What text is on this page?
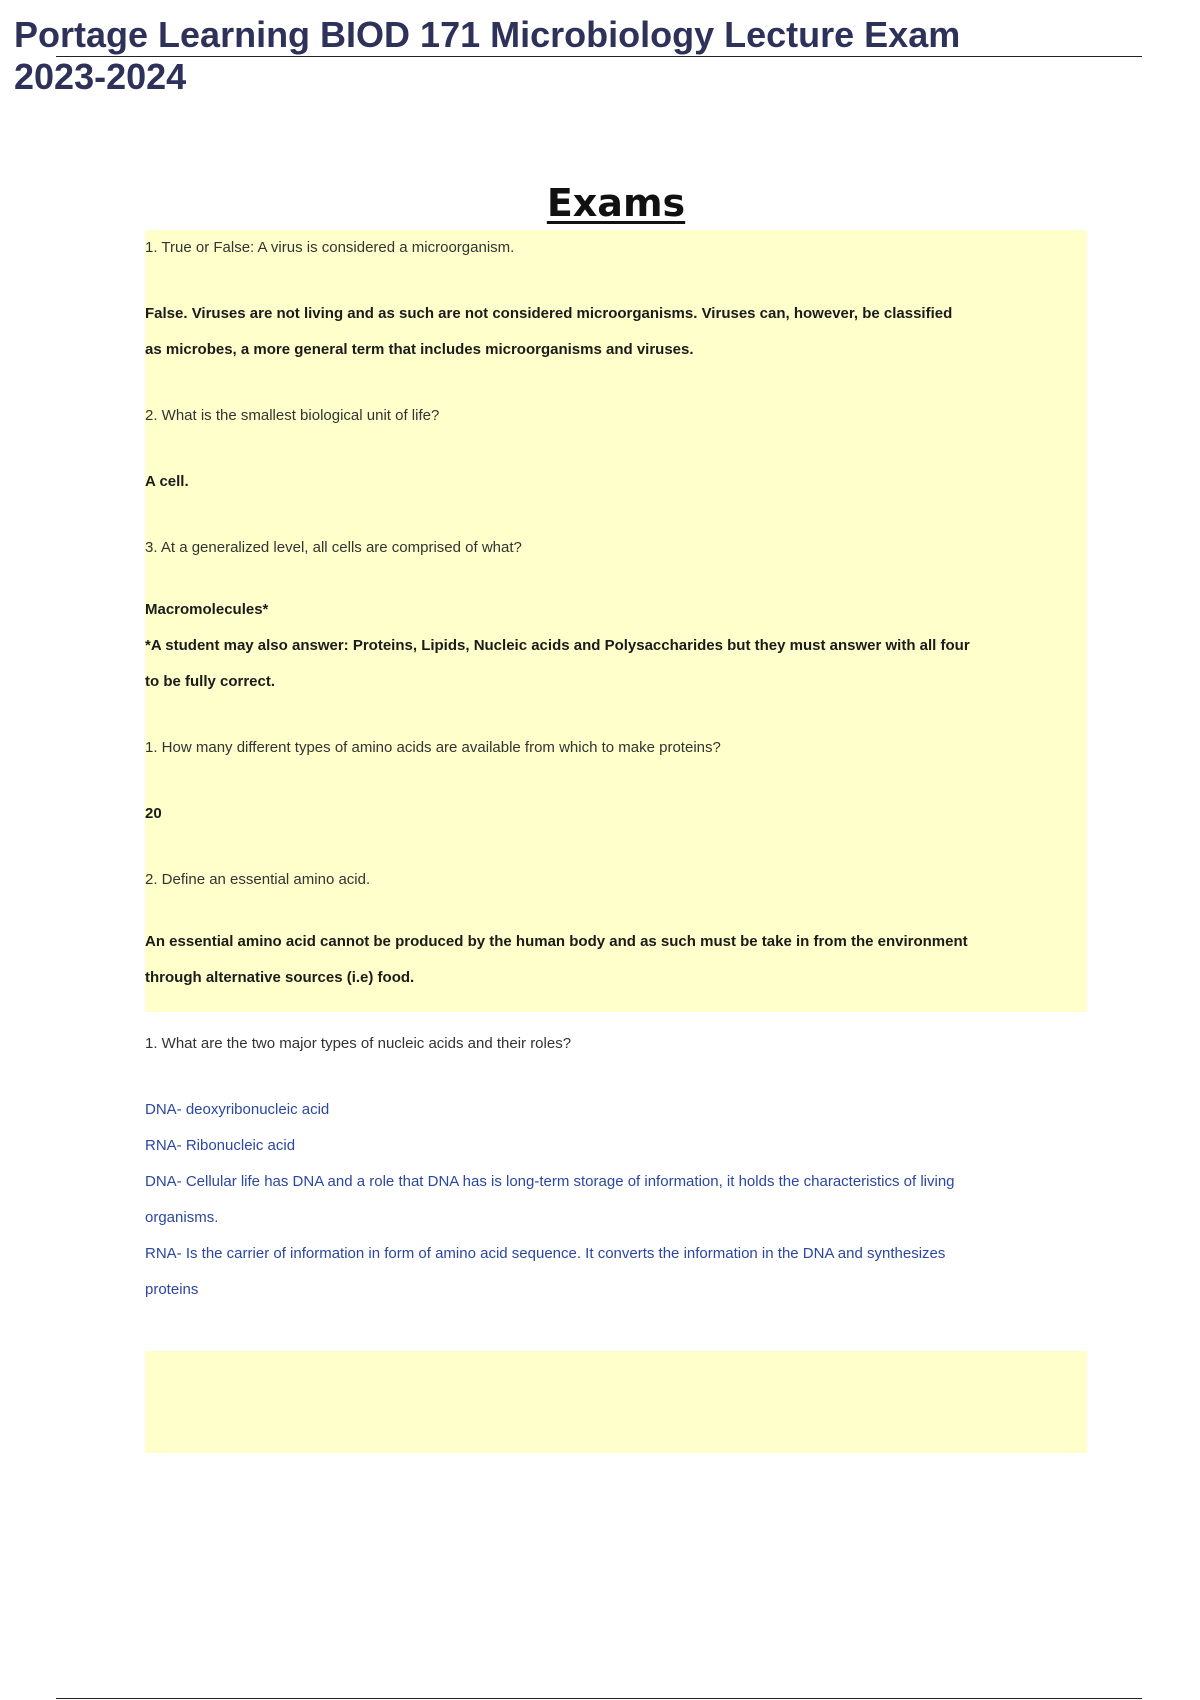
Portage Learning BIOD 171 Microbiology Lecture Exam 2023-2024
Exams

1. True or False: A virus is considered a microorganism.

False. Viruses are not living and as such are not considered microorganisms. Viruses can, however, be classified

as microbes, a more general term that includes microorganisms and viruses.

2. What is the smallest biological unit of life?

A cell.

3. At a generalized level, all cells are comprised of what?

Macromolecules*

*A student may also answer: Proteins, Lipids, Nucleic acids and Polysaccharides but they must answer with all four

to be fully correct.

1. How many different types of amino acids are available from which to make proteins?

20

2. Define an essential amino acid.

An essential amino acid cannot be produced by the human body and as such must be take in from the environment

through alternative sources (i.e) food.

1. What are the two major types of nucleic acids and their roles?

DNA- deoxyribonucleic acid

RNA- Ribonucleic acid

DNA- Cellular life has DNA and a role that DNA has is long-term storage of information, it holds the characteristics of living

organisms.

RNA- Is the carrier of information in form of amino acid sequence. It converts the information in the DNA and synthesizes

proteins
